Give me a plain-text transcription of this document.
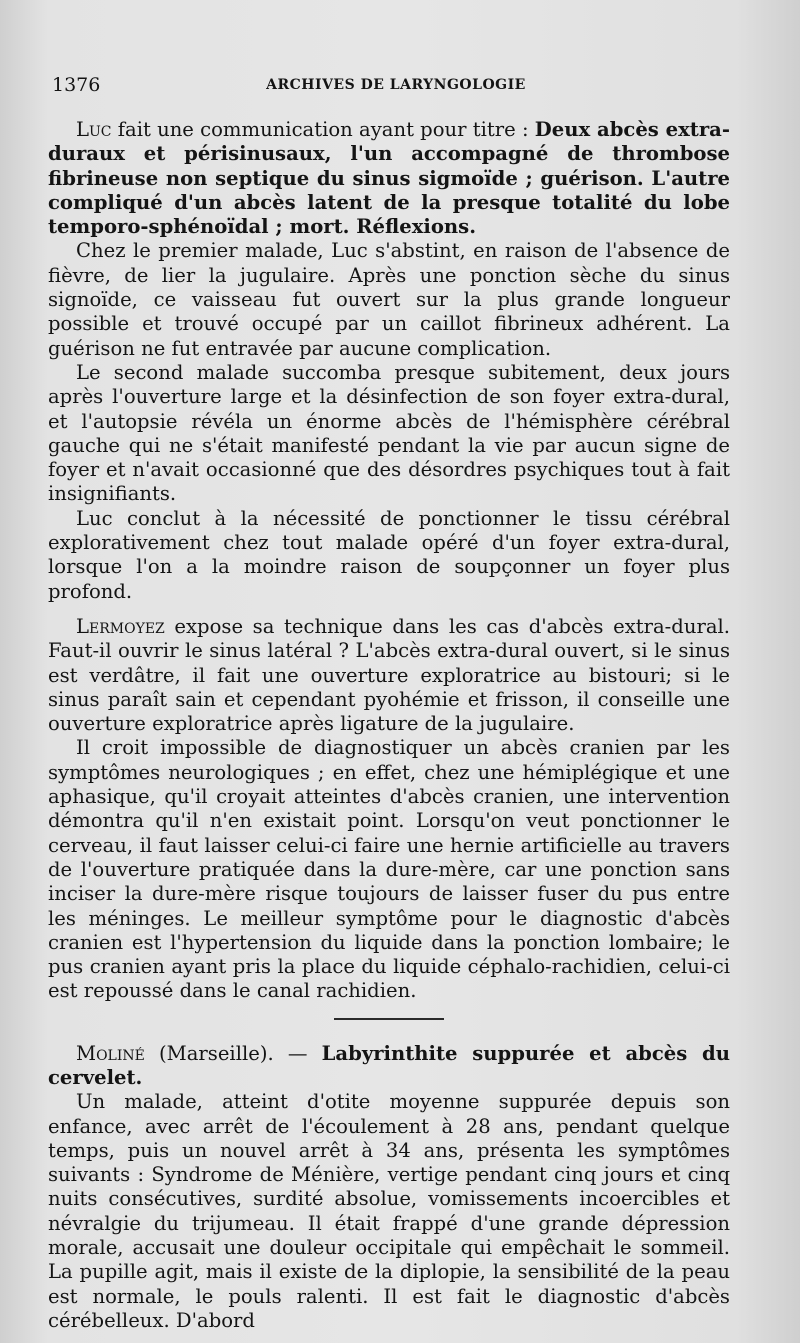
1376	ARCHIVES DE LARYNGOLOGIE

Luc fait une communication ayant pour titre : Deux abcès extra-duraux et périsinusaux, l'un accompagné de thrombose fibrineuse non septique du sinus sigmoïde ; guérison. L'autre compliqué d'un abcès latent de la presque totalité du lobe temporo-sphénoïdal ; mort. Réflexions.

Chez le premier malade, Luc s'abstint, en raison de l'absence de fièvre, de lier la jugulaire. Après une ponction sèche du sinus signoïde, ce vaisseau fut ouvert sur la plus grande longueur possible et trouvé occupé par un caillot fibrineux adhérent. La guérison ne fut entravée par aucune complication.

Le second malade succomba presque subitement, deux jours après l'ouverture large et la désinfection de son foyer extra-dural, et l'autopsie révéla un énorme abcès de l'hémisphère cérébral gauche qui ne s'était manifesté pendant la vie par aucun signe de foyer et n'avait occasionné que des désordres psychiques tout à fait insignifiants.

Luc conclut à la nécessité de ponctionner le tissu cérébral explorativement chez tout malade opéré d'un foyer extra-dural, lorsque l'on a la moindre raison de soupçonner un foyer plus profond.

Lermoyez expose sa technique dans les cas d'abcès extra-dural. Faut-il ouvrir le sinus latéral ? L'abcès extra-dural ouvert, si le sinus est verdâtre, il fait une ouverture exploratrice au bistouri; si le sinus paraît sain et cependant pyohémie et frisson, il conseille une ouverture exploratrice après ligature de la jugulaire.

Il croit impossible de diagnostiquer un abcès cranien par les symptômes neurologiques ; en effet, chez une hémiplégique et une aphasique, qu'il croyait atteintes d'abcès cranien, une intervention démontra qu'il n'en existait point. Lorsqu'on veut ponctionner le cerveau, il faut laisser celui-ci faire une hernie artificielle au travers de l'ouverture pratiquée dans la dure-mère, car une ponction sans inciser la dure-mère risque toujours de laisser fuser du pus entre les méninges. Le meilleur symptôme pour le diagnostic d'abcès cranien est l'hypertension du liquide dans la ponction lombaire; le pus cranien ayant pris la place du liquide céphalo-rachidien, celui-ci est repoussé dans le canal rachidien.

Moliné (Marseille). — Labyrinthite suppurée et abcès du cervelet.

Un malade, atteint d'otite moyenne suppurée depuis son enfance, avec arrêt de l'écoulement à 28 ans, pendant quelque temps, puis un nouvel arrêt à 34 ans, présenta les symptômes suivants : Syndrome de Ménière, vertige pendant cinq jours et cinq nuits consécutives, surdité absolue, vomissements incoercibles et névralgie du trijumeau. Il était frappé d'une grande dépression morale, accusait une douleur occipitale qui empêchait le sommeil. La pupille agit, mais il existe de la diplopie, la sensibilité de la peau est normale, le pouls ralenti. Il est fait le diagnostic d'abcès cérébelleux. D'abord
